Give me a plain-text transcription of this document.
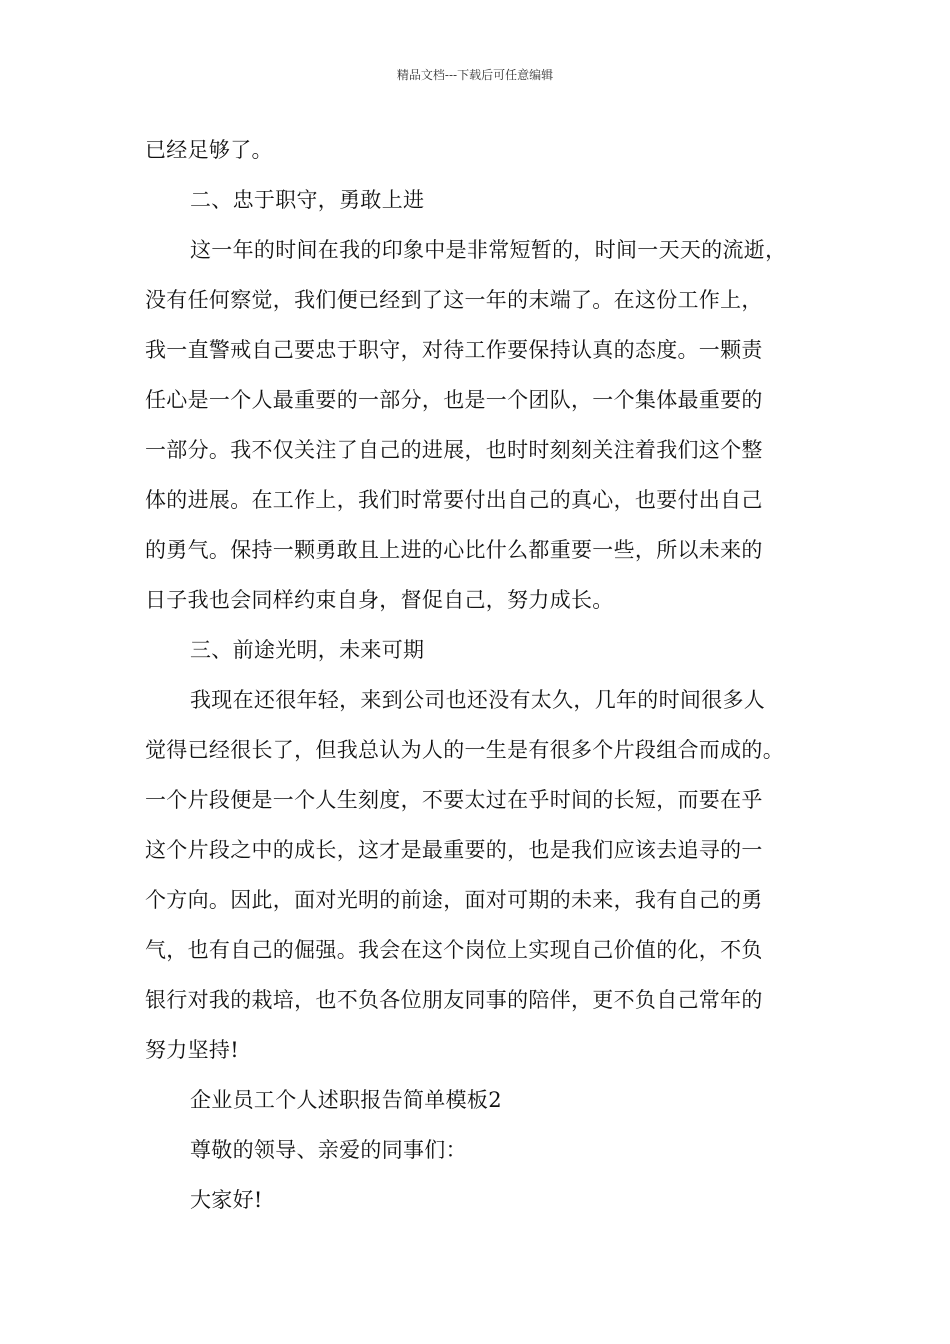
精品文档---下载后可任意编辑
已经足够了。
二、忠于职守，勇敢上进
这一年的时间在我的印象中是非常短暂的，时间一天天的流逝，
没有任何察觉，我们便已经到了这一年的末端了。在这份工作上，
我一直警戒自己要忠于职守，对待工作要保持认真的态度。一颗责
任心是一个人最重要的一部分，也是一个团队，一个集体最重要的
一部分。我不仅关注了自己的进展，也时时刻刻关注着我们这个整
体的进展。在工作上，我们时常要付出自己的真心，也要付出自己
的勇气。保持一颗勇敢且上进的心比什么都重要一些，所以未来的
日子我也会同样约束自身，督促自己，努力成长。
三、前途光明，未来可期
我现在还很年轻，来到公司也还没有太久，几年的时间很多人
觉得已经很长了，但我总认为人的一生是有很多个片段组合而成的。
一个片段便是一个人生刻度，不要太过在乎时间的长短，而要在乎
这个片段之中的成长，这才是最重要的，也是我们应该去追寻的一
个方向。因此，面对光明的前途，面对可期的未来，我有自己的勇
气，也有自己的倔强。我会在这个岗位上实现自己价值的化，不负
银行对我的栽培，也不负各位朋友同事的陪伴，更不负自己常年的
努力坚持!
企业员工个人述职报告简单模板2
尊敬的领导、亲爱的同事们：
大家好!
